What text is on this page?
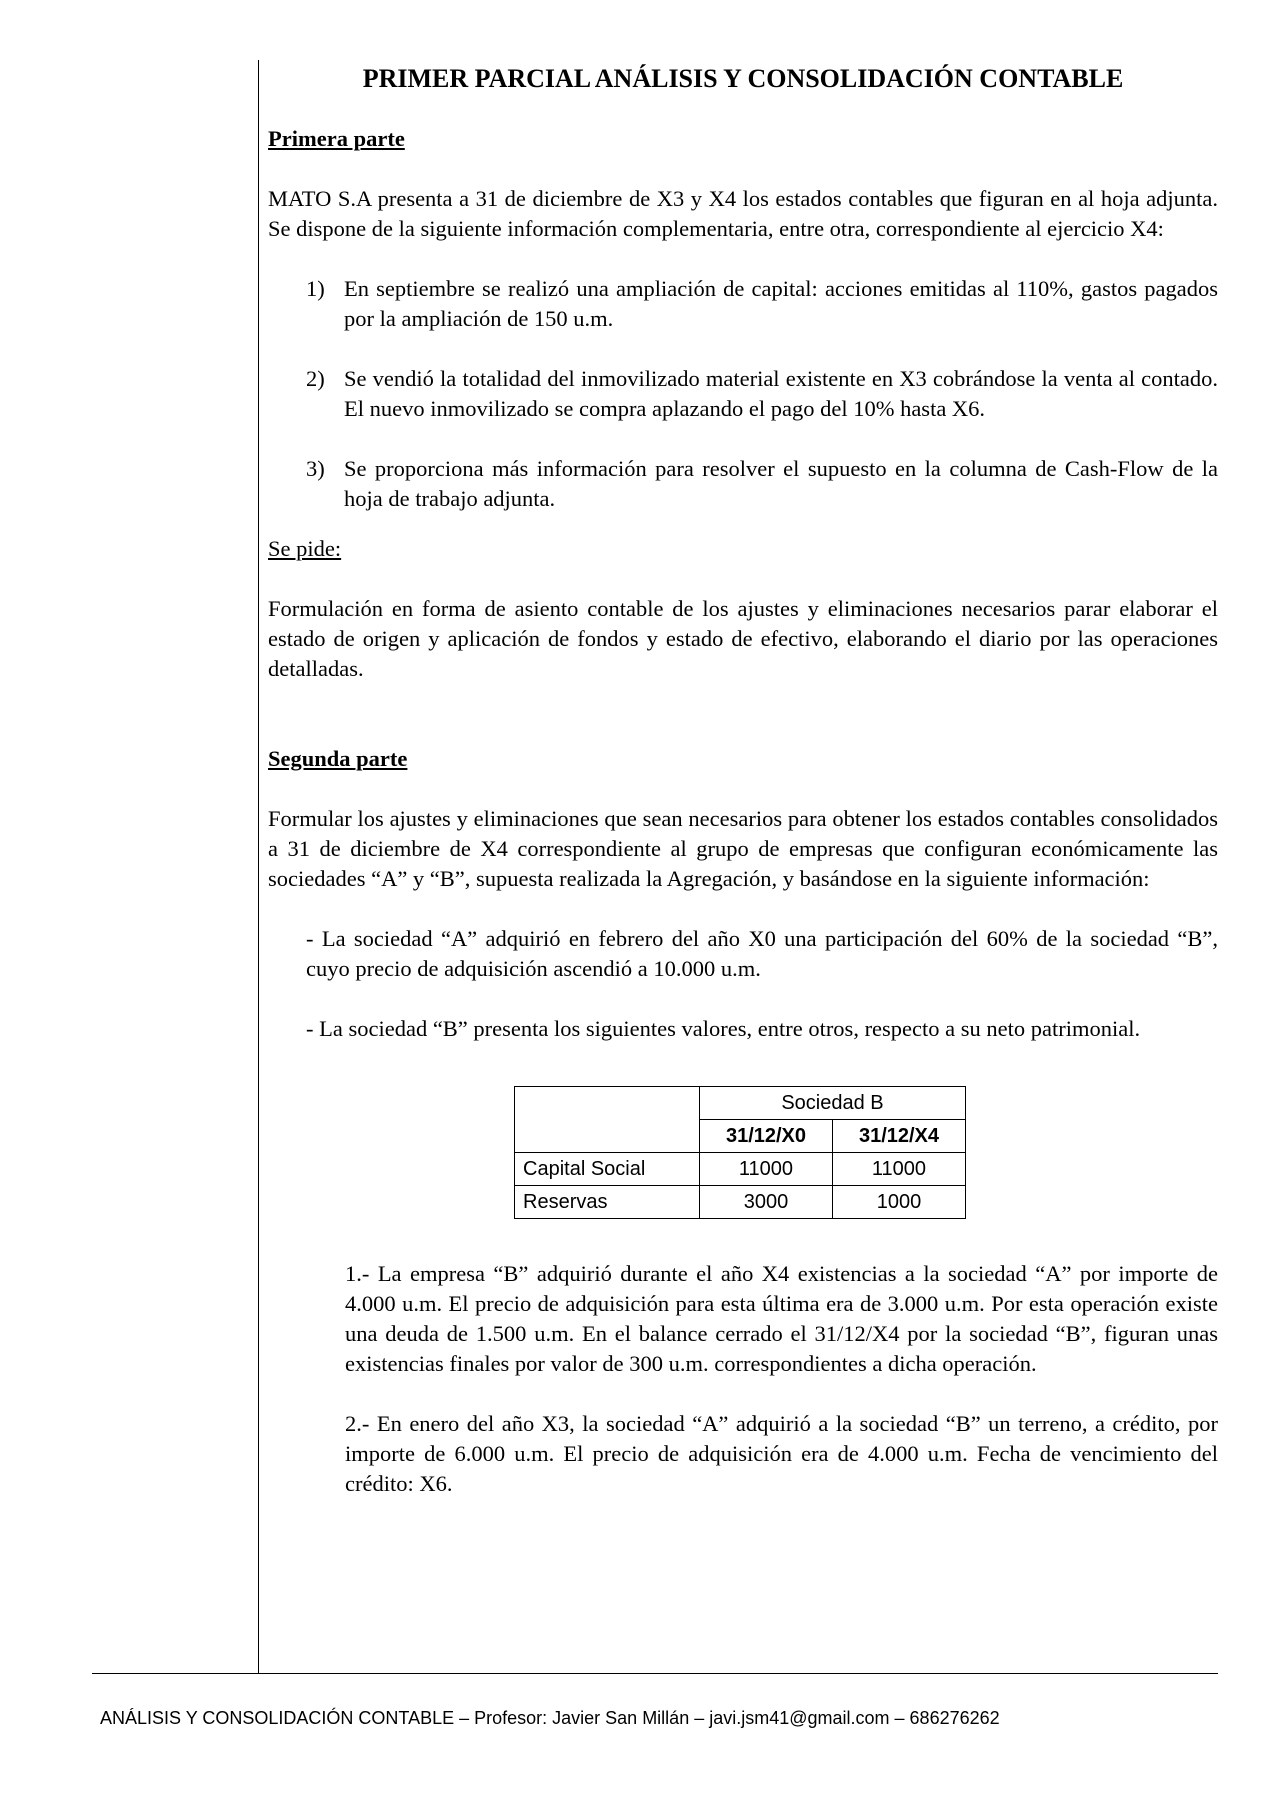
PRIMER PARCIAL ANÁLISIS Y CONSOLIDACIÓN CONTABLE
Primera parte

MATO S.A presenta a 31 de diciembre de X3 y X4 los estados contables que figuran en al hoja adjunta. Se dispone de la siguiente información complementaria, entre otra, correspondiente al ejercicio X4:

1) En septiembre se realizó una ampliación de capital: acciones emitidas al 110%, gastos pagados por la ampliación de 150 u.m.
2) Se vendió la totalidad del inmovilizado material existente en X3 cobrándose la venta al contado. El nuevo inmovilizado se compra aplazando el pago del 10% hasta X6.
3) Se proporciona más información para resolver el supuesto en la columna de Cash-Flow de la hoja de trabajo adjunta.

Se pide:

Formulación en forma de asiento contable de los ajustes y eliminaciones necesarios parar elaborar el estado de origen y aplicación de fondos y estado de efectivo, elaborando el diario por las operaciones detalladas.

Segunda parte

Formular los ajustes y eliminaciones que sean necesarios para obtener los estados contables consolidados a 31 de diciembre de X4 correspondiente al grupo de empresas que configuran económicamente las sociedades “A” y “B”, supuesta realizada la Agregación, y basándose en la siguiente información:

- La sociedad “A” adquirió en febrero del año X0 una participación del 60% de la sociedad “B”, cuyo precio de adquisición ascendió a 10.000 u.m.

- La sociedad “B” presenta los siguientes valores, entre otros, respecto a su neto patrimonial.

	Sociedad B	
	31/12/X0	31/12/X4
Capital Social	11000	11000
Reservas	3000	1000

1.- La empresa “B” adquirió durante el año X4 existencias a la sociedad “A” por importe de 4.000 u.m. El precio de adquisición para esta última era de 3.000 u.m. Por esta operación existe una deuda de 1.500 u.m. En el balance cerrado el 31/12/X4 por la sociedad “B”, figuran unas existencias finales por valor de 300 u.m. correspondientes a dicha operación.

2.- En enero del año X3, la sociedad “A” adquirió a la sociedad “B” un terreno, a crédito, por importe de 6.000 u.m. El precio de adquisición era de 4.000 u.m. Fecha de vencimiento del crédito: X6.

ANÁLISIS Y CONSOLIDACIÓN CONTABLE – Profesor: Javier San Millán – javi.jsm41@gmail.com – 686276262
